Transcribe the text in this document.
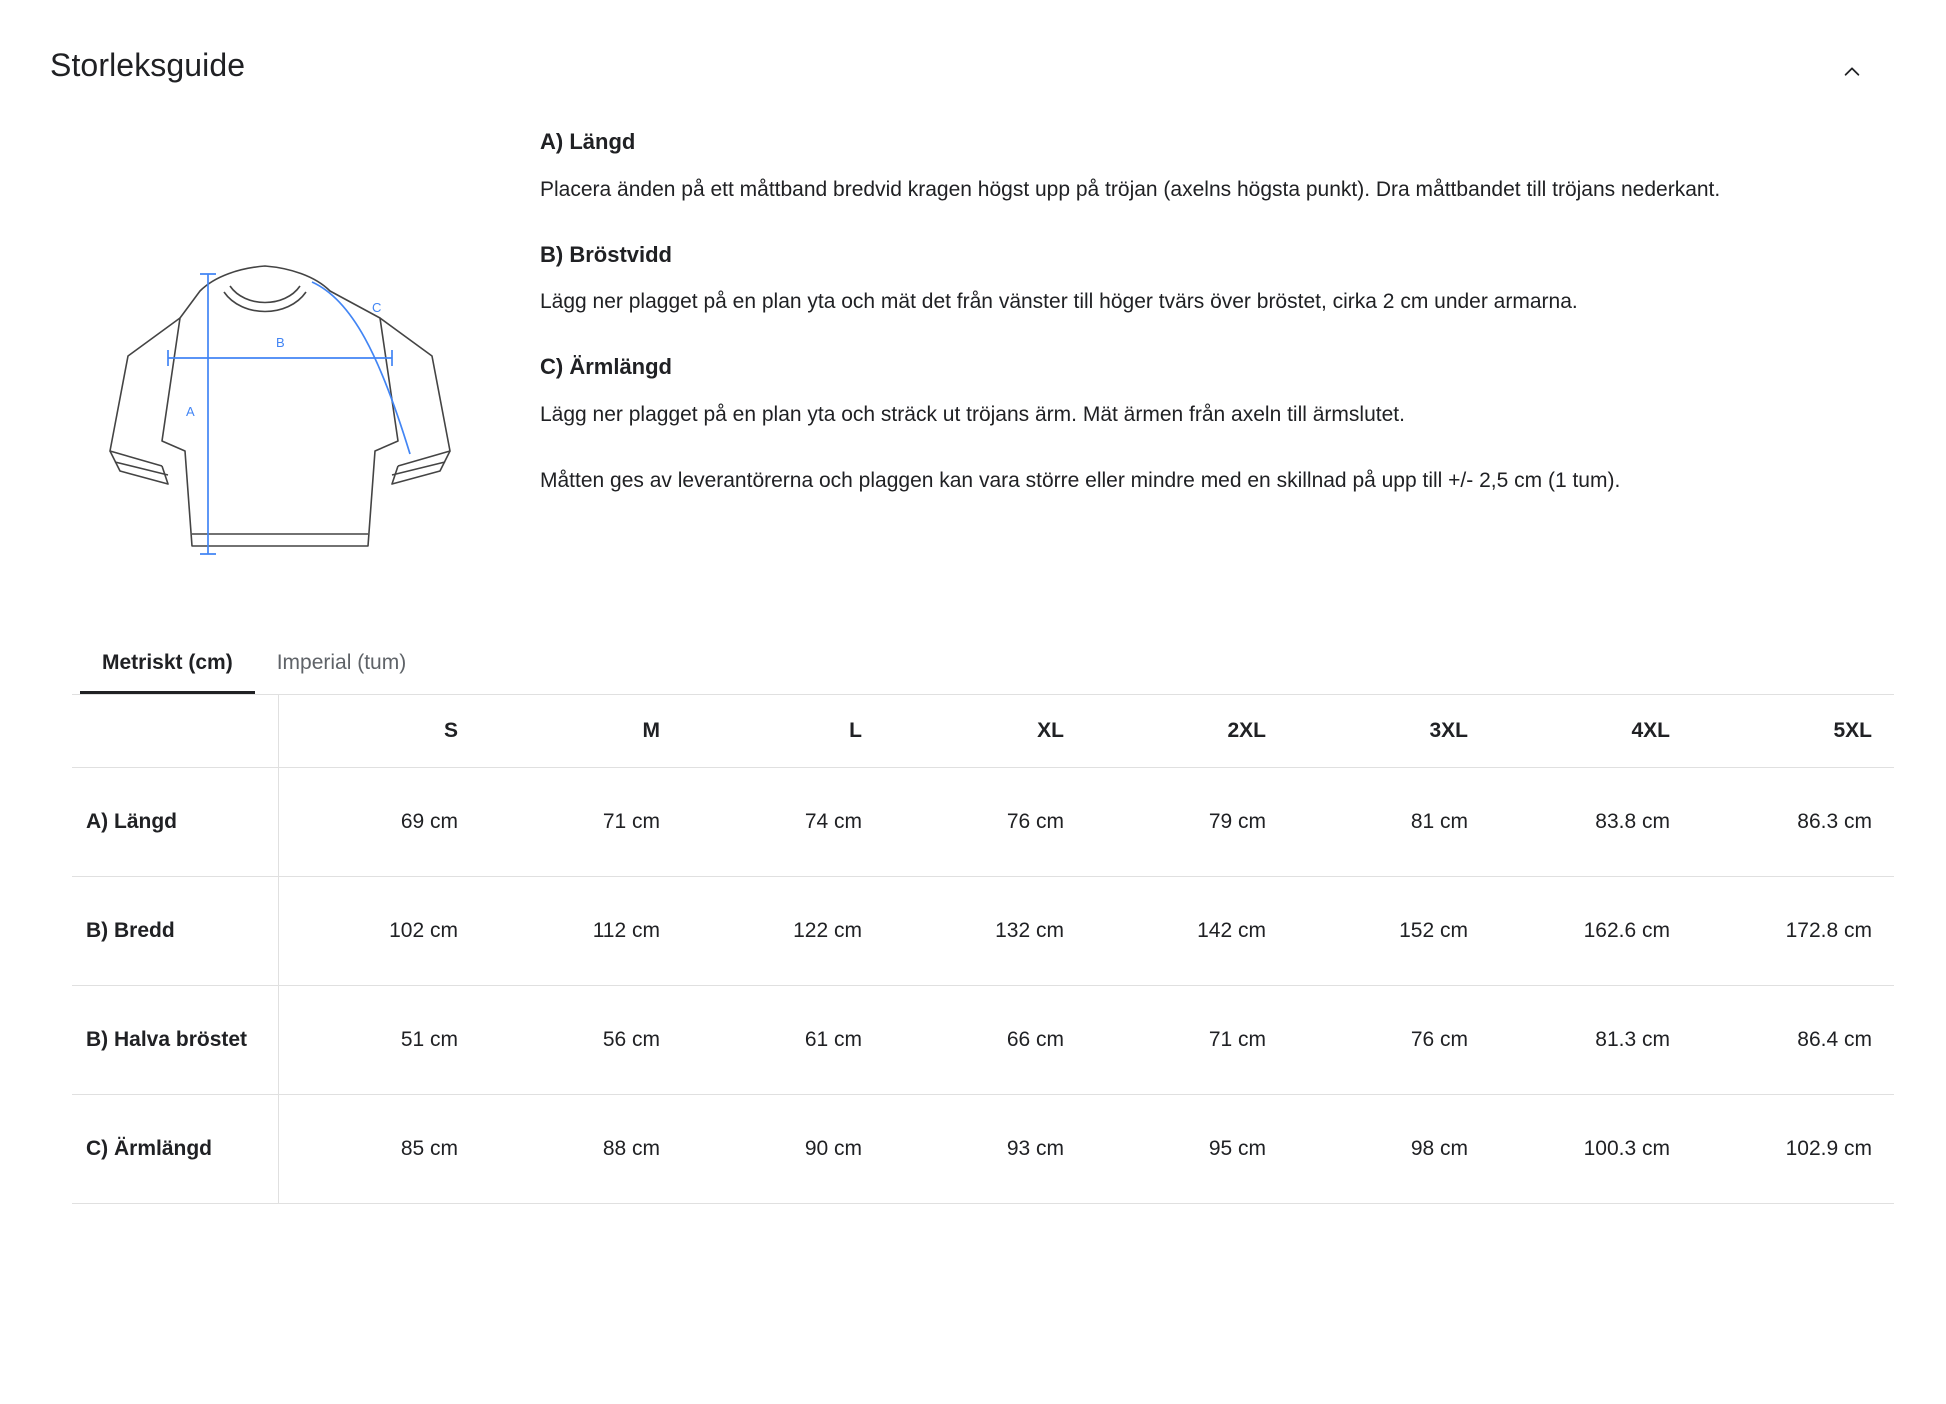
Storleksguide
A
B
C
A) Längd

Placera änden på ett måttband bredvid kragen högst upp på tröjan (axelns högsta punkt). Dra måttbandet till tröjans nederkant.

B) Bröstvidd

Lägg ner plagget på en plan yta och mät det från vänster till höger tvärs över bröstet, cirka 2 cm under armarna.

C) Ärmlängd

Lägg ner plagget på en plan yta och sträck ut tröjans ärm. Mät ärmen från axeln till ärmslutet.

Måtten ges av leverantörerna och plaggen kan vara större eller mindre med en skillnad på upp till +/- 2,5 cm (1 tum).

Metriskt (cm)	Imperial (tum)
	S	M	L	XL	2XL	3XL	4XL	5XL
A) Längd	69 cm	71 cm	74 cm	76 cm	79 cm	81 cm	83.8 cm	86.3 cm
B) Bredd	102 cm	112 cm	122 cm	132 cm	142 cm	152 cm	162.6 cm	172.8 cm
B) Halva bröstet	51 cm	56 cm	61 cm	66 cm	71 cm	76 cm	81.3 cm	86.4 cm
C) Ärmlängd	85 cm	88 cm	90 cm	93 cm	95 cm	98 cm	100.3 cm	102.9 cm
